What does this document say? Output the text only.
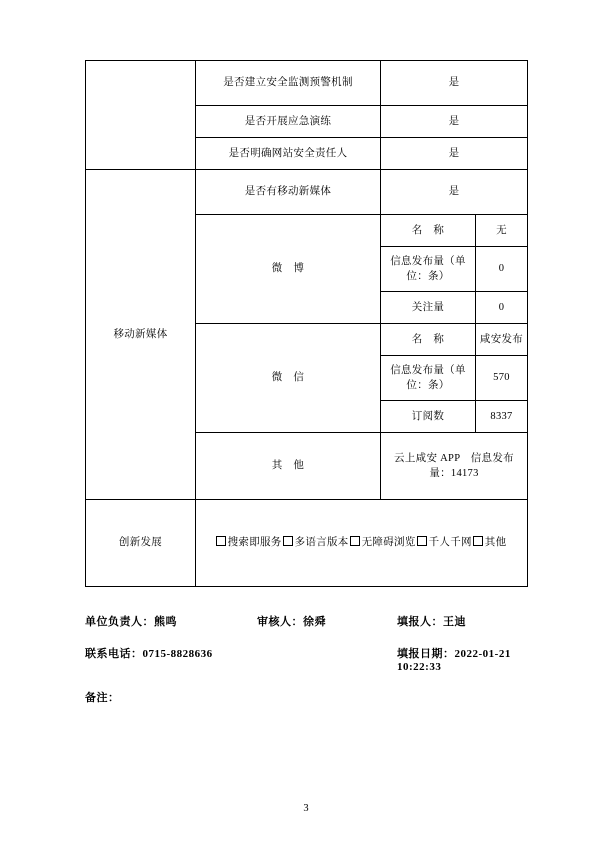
	是否建立安全监测预警机制	是	
	是否开展应急演练	是	
	是否明确网站安全责任人	是	
移动新媒体	是否有移动新媒体	是	
	微　博	名　称	无
		信息发布量（单位：条）	0
		关注量	0
	微　信	名　称	咸安发布
		信息发布量（单位：条）	570
		订阅数	8337
	其　他	云上咸安 APP　信息发布量：14173	
创新发展	搜索即服务 多语言版本 无障碍浏览 千人千网 其他		
单位负责人：熊鸣	审核人：徐舜	填报人：王迪
联系电话：0715-8828636	填报日期：2022-01-21 10:22:33
备注：
3
